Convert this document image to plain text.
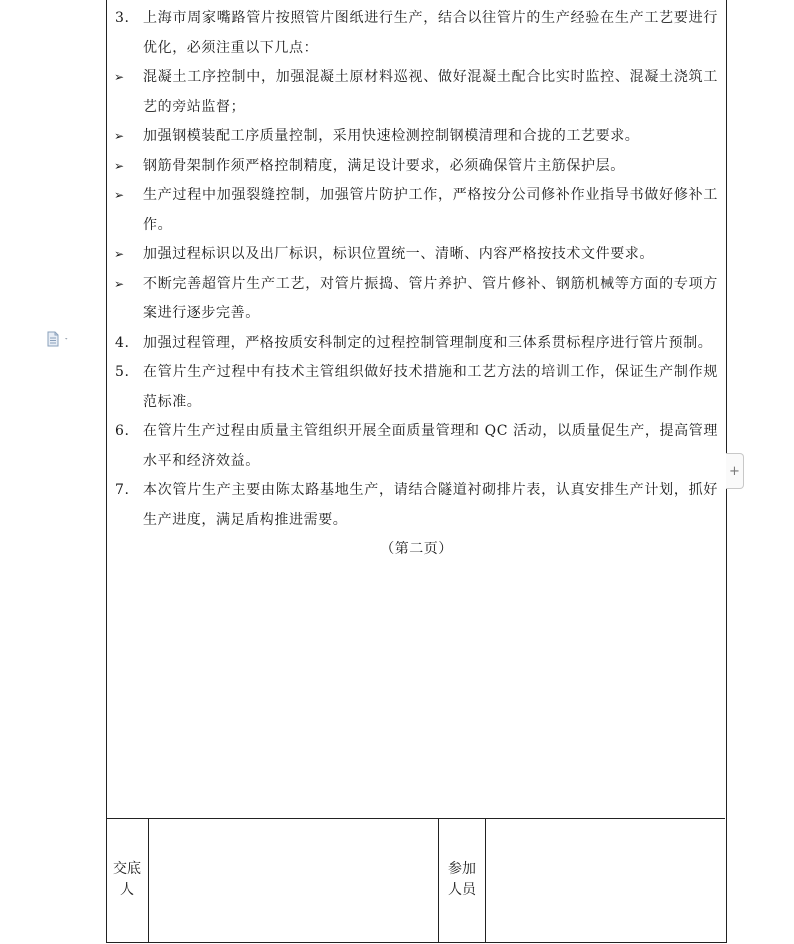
3. 上海市周家嘴路管片按照管片图纸进行生产，结合以往管片的生产经验在生产工艺要进行优化，必须注重以下几点：
➢ 混凝土工序控制中，加强混凝土原材料巡视、做好混凝土配合比实时监控、混凝土浇筑工艺的旁站监督；
➢ 加强钢模装配工序质量控制，采用快速检测控制钢模清理和合拢的工艺要求。
➢ 钢筋骨架制作须严格控制精度，满足设计要求，必须确保管片主筋保护层。
➢ 生产过程中加强裂缝控制，加强管片防护工作，严格按分公司修补作业指导书做好修补工作。
➢ 加强过程标识以及出厂标识，标识位置统一、清晰、内容严格按技术文件要求。
➢ 不断完善超管片生产工艺，对管片振捣、管片养护、管片修补、钢筋机械等方面的专项方案进行逐步完善。
4. 加强过程管理，严格按质安科制定的过程控制管理制度和三体系贯标程序进行管片预制。
5. 在管片生产过程中有技术主管组织做好技术措施和工艺方法的培训工作，保证生产制作规范标准。
6. 在管片生产过程由质量主管组织开展全面质量管理和 QC 活动，以质量促生产，提高管理水平和经济效益。
7. 本次管片生产主要由陈太路基地生产，请结合隧道衬砌排片表，认真安排生产计划，抓好生产进度，满足盾构推进需要。
（第二页）
交底
人
参加
人员
+
